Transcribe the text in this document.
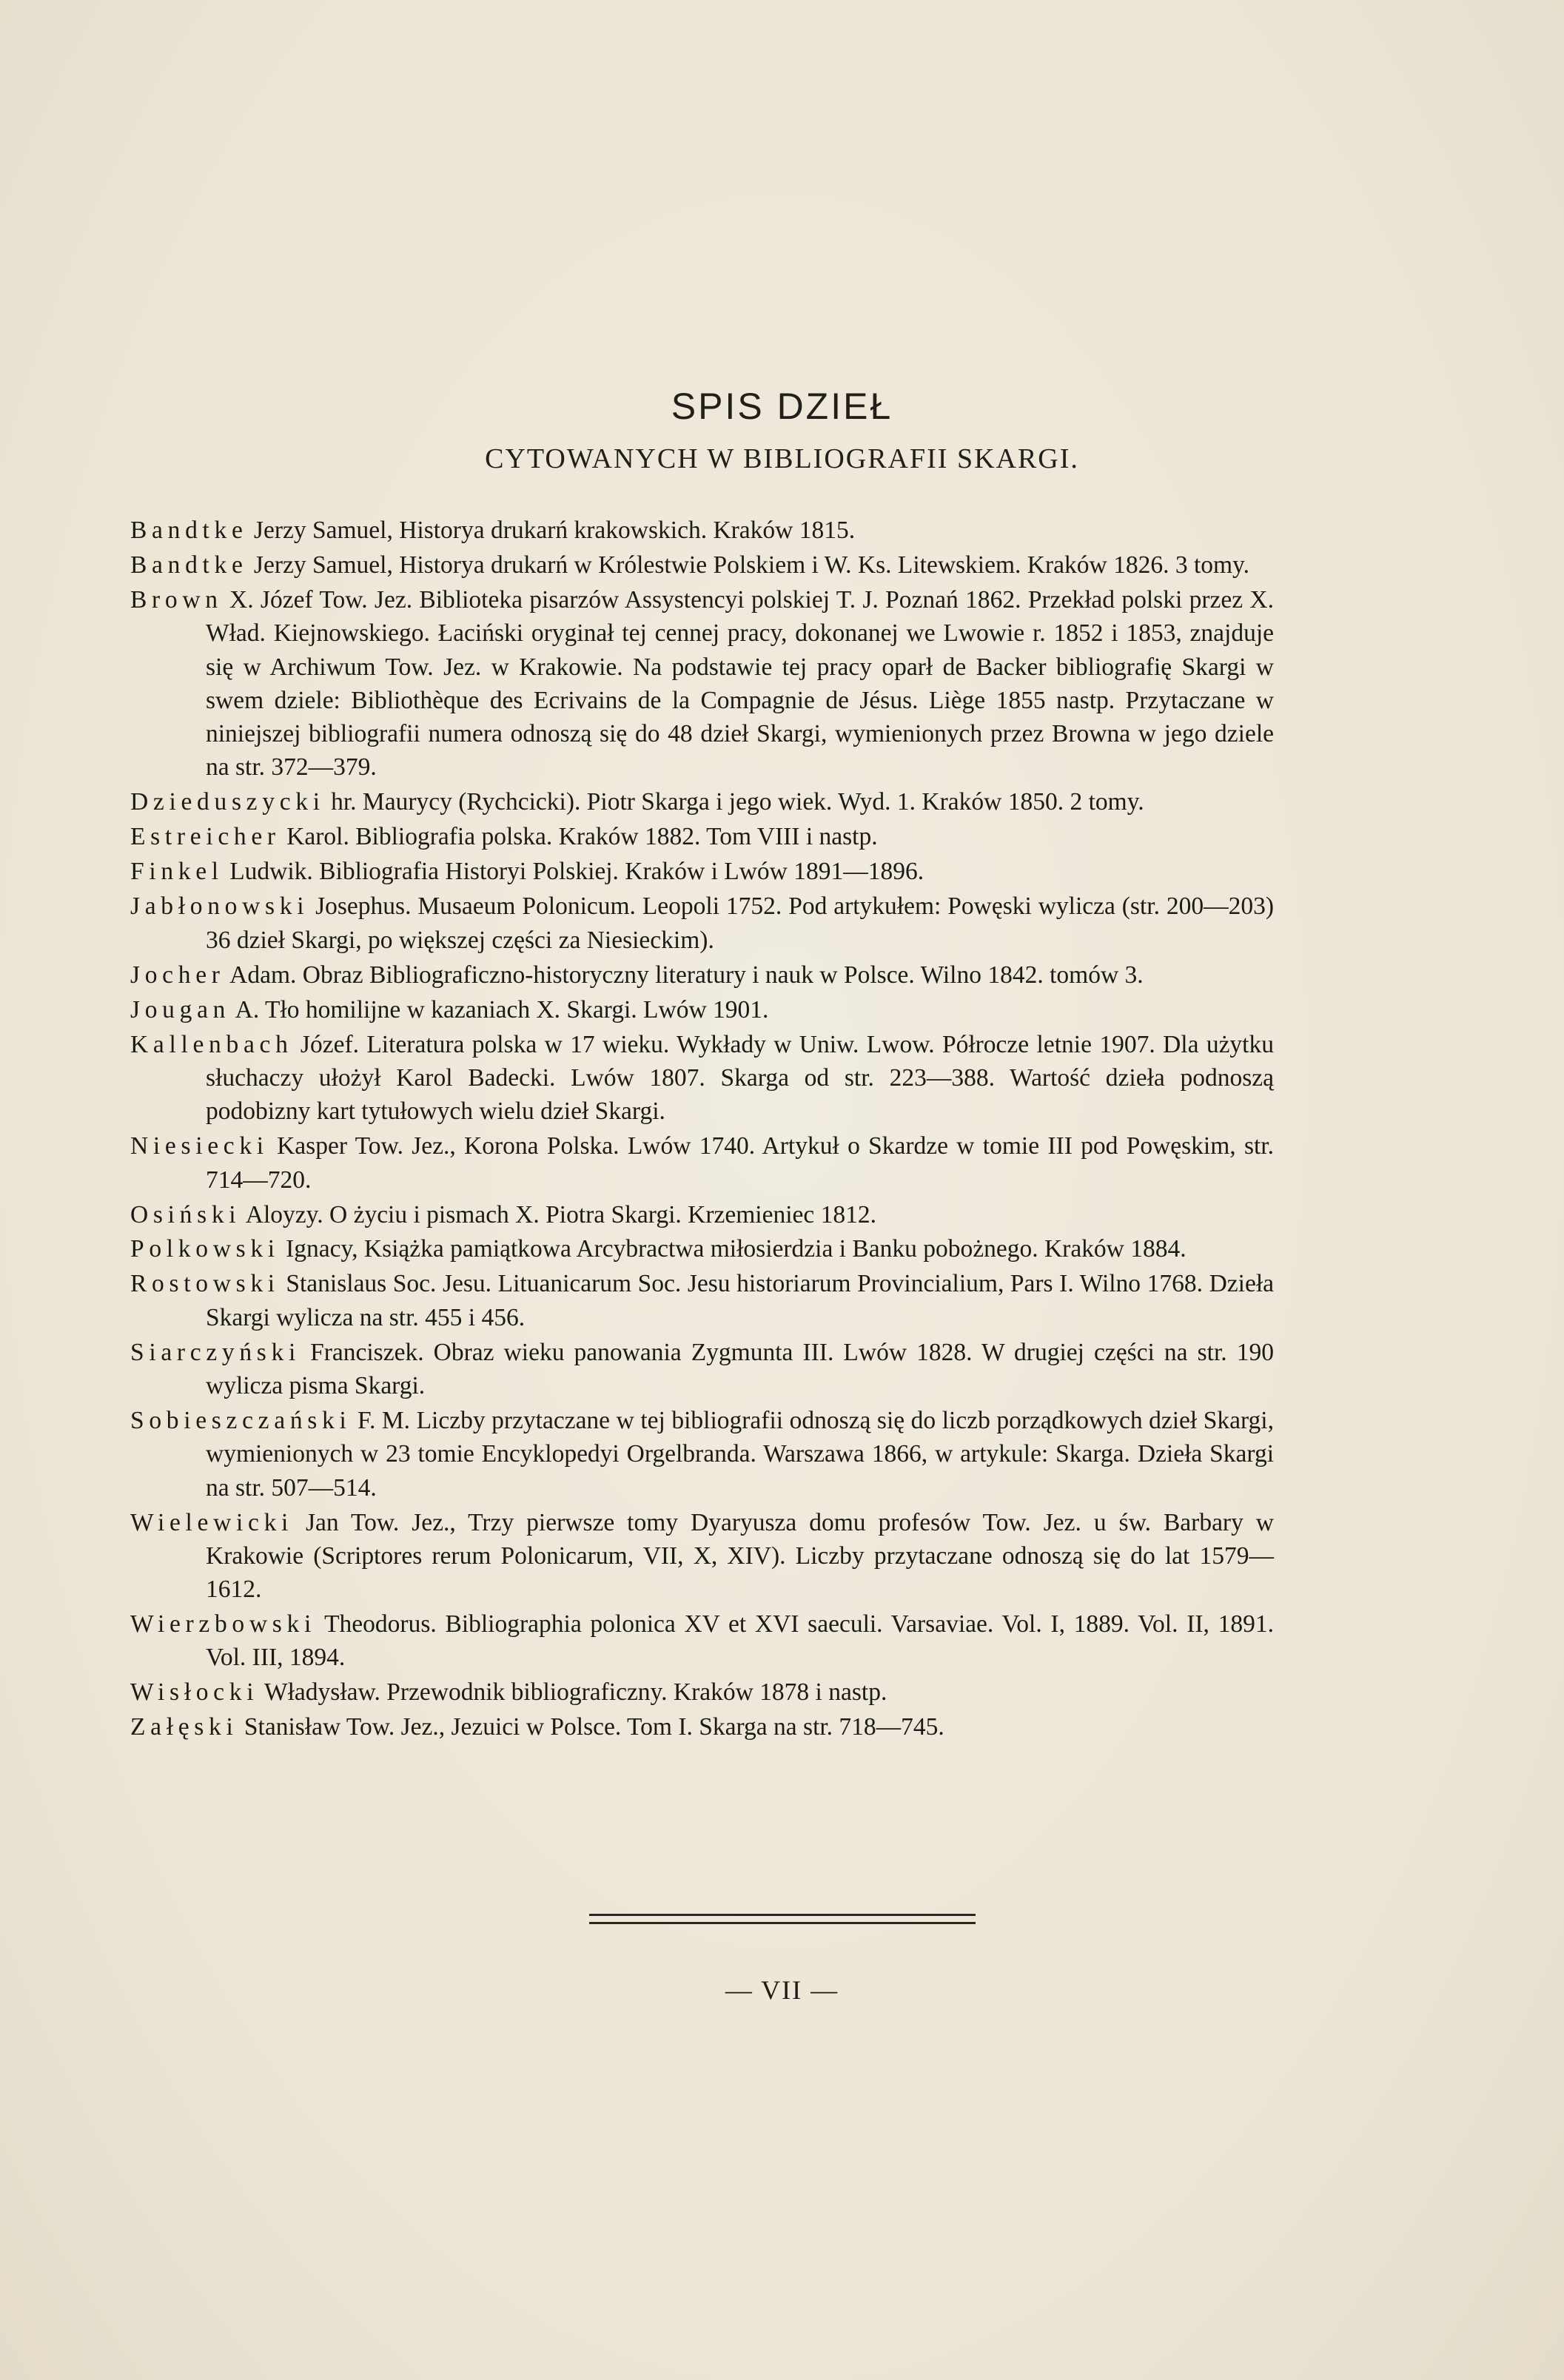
SPIS DZIEŁ
CYTOWANYCH W BIBLIOGRAFII SKARGI.

Bandtke Jerzy Samuel, Historya drukarń krakowskich. Kraków 1815.

Bandtke Jerzy Samuel, Historya drukarń w Królestwie Polskiem i W. Ks. Litewskiem. Kraków 1826. 3 tomy.

Brown X. Józef Tow. Jez. Biblioteka pisarzów Assystencyi polskiej T. J. Poznań 1862. Przekład polski przez X. Wład. Kiejnowskiego. Łaciński oryginał tej cennej pracy, dokonanej we Lwowie r. 1852 i 1853, znajduje się w Archiwum Tow. Jez. w Krakowie. Na podstawie tej pracy oparł de Backer bibliografię Skargi w swem dziele: Bibliothèque des Ecrivains de la Compagnie de Jésus. Liège 1855 nastp. Przytaczane w niniejszej bibliografii numera odnoszą się do 48 dzieł Skargi, wymienionych przez Browna w jego dziele na str. 372—379.

Dzieduszycki hr. Maurycy (Rychcicki). Piotr Skarga i jego wiek. Wyd. 1. Kraków 1850. 2 tomy.

Estreicher Karol. Bibliografia polska. Kraków 1882. Tom VIII i nastp.

Finkel Ludwik. Bibliografia Historyi Polskiej. Kraków i Lwów 1891—1896.

Jabłonowski Josephus. Musaeum Polonicum. Leopoli 1752. Pod artykułem: Powęski wylicza (str. 200—203) 36 dzieł Skargi, po większej części za Niesieckim).

Jocher Adam. Obraz Bibliograficzno-historyczny literatury i nauk w Polsce. Wilno 1842. tomów 3.

Jougan A. Tło homilijne w kazaniach X. Skargi. Lwów 1901.

Kallenbach Józef. Literatura polska w 17 wieku. Wykłady w Uniw. Lwow. Półrocze letnie 1907. Dla użytku słuchaczy ułożył Karol Badecki. Lwów 1807. Skarga od str. 223—388. Wartość dzieła podnoszą podobizny kart tytułowych wielu dzieł Skargi.

Niesiecki Kasper Tow. Jez., Korona Polska. Lwów 1740. Artykuł o Skardze w tomie III pod Powęskim, str. 714—720.

Osiński Aloyzy. O życiu i pismach X. Piotra Skargi. Krzemieniec 1812.

Polkowski Ignacy, Książka pamiątkowa Arcybractwa miłosierdzia i Banku pobożnego. Kraków 1884.

Rostowski Stanislaus Soc. Jesu. Lituanicarum Soc. Jesu historiarum Provincialium, Pars I. Wilno 1768. Dzieła Skargi wylicza na str. 455 i 456.

Siarczyński Franciszek. Obraz wieku panowania Zygmunta III. Lwów 1828. W drugiej części na str. 190 wylicza pisma Skargi.

Sobieszczański F. M. Liczby przytaczane w tej bibliografii odnoszą się do liczb porządkowych dzieł Skargi, wymienionych w 23 tomie Encyklopedyi Orgelbranda. Warszawa 1866, w artykule: Skarga. Dzieła Skargi na str. 507—514.

Wielewicki Jan Tow. Jez., Trzy pierwsze tomy Dyaryusza domu profesów Tow. Jez. u św. Barbary w Krakowie (Scriptores rerum Polonicarum, VII, X, XIV). Liczby przytaczane odnoszą się do lat 1579—1612.

Wierzbowski Theodorus. Bibliographia polonica XV et XVI saeculi. Varsaviae. Vol. I, 1889. Vol. II, 1891. Vol. III, 1894.

Wisłocki Władysław. Przewodnik bibliograficzny. Kraków 1878 i nastp.

Załęski Stanisław Tow. Jez., Jezuici w Polsce. Tom I. Skarga na str. 718—745.

— VII —
